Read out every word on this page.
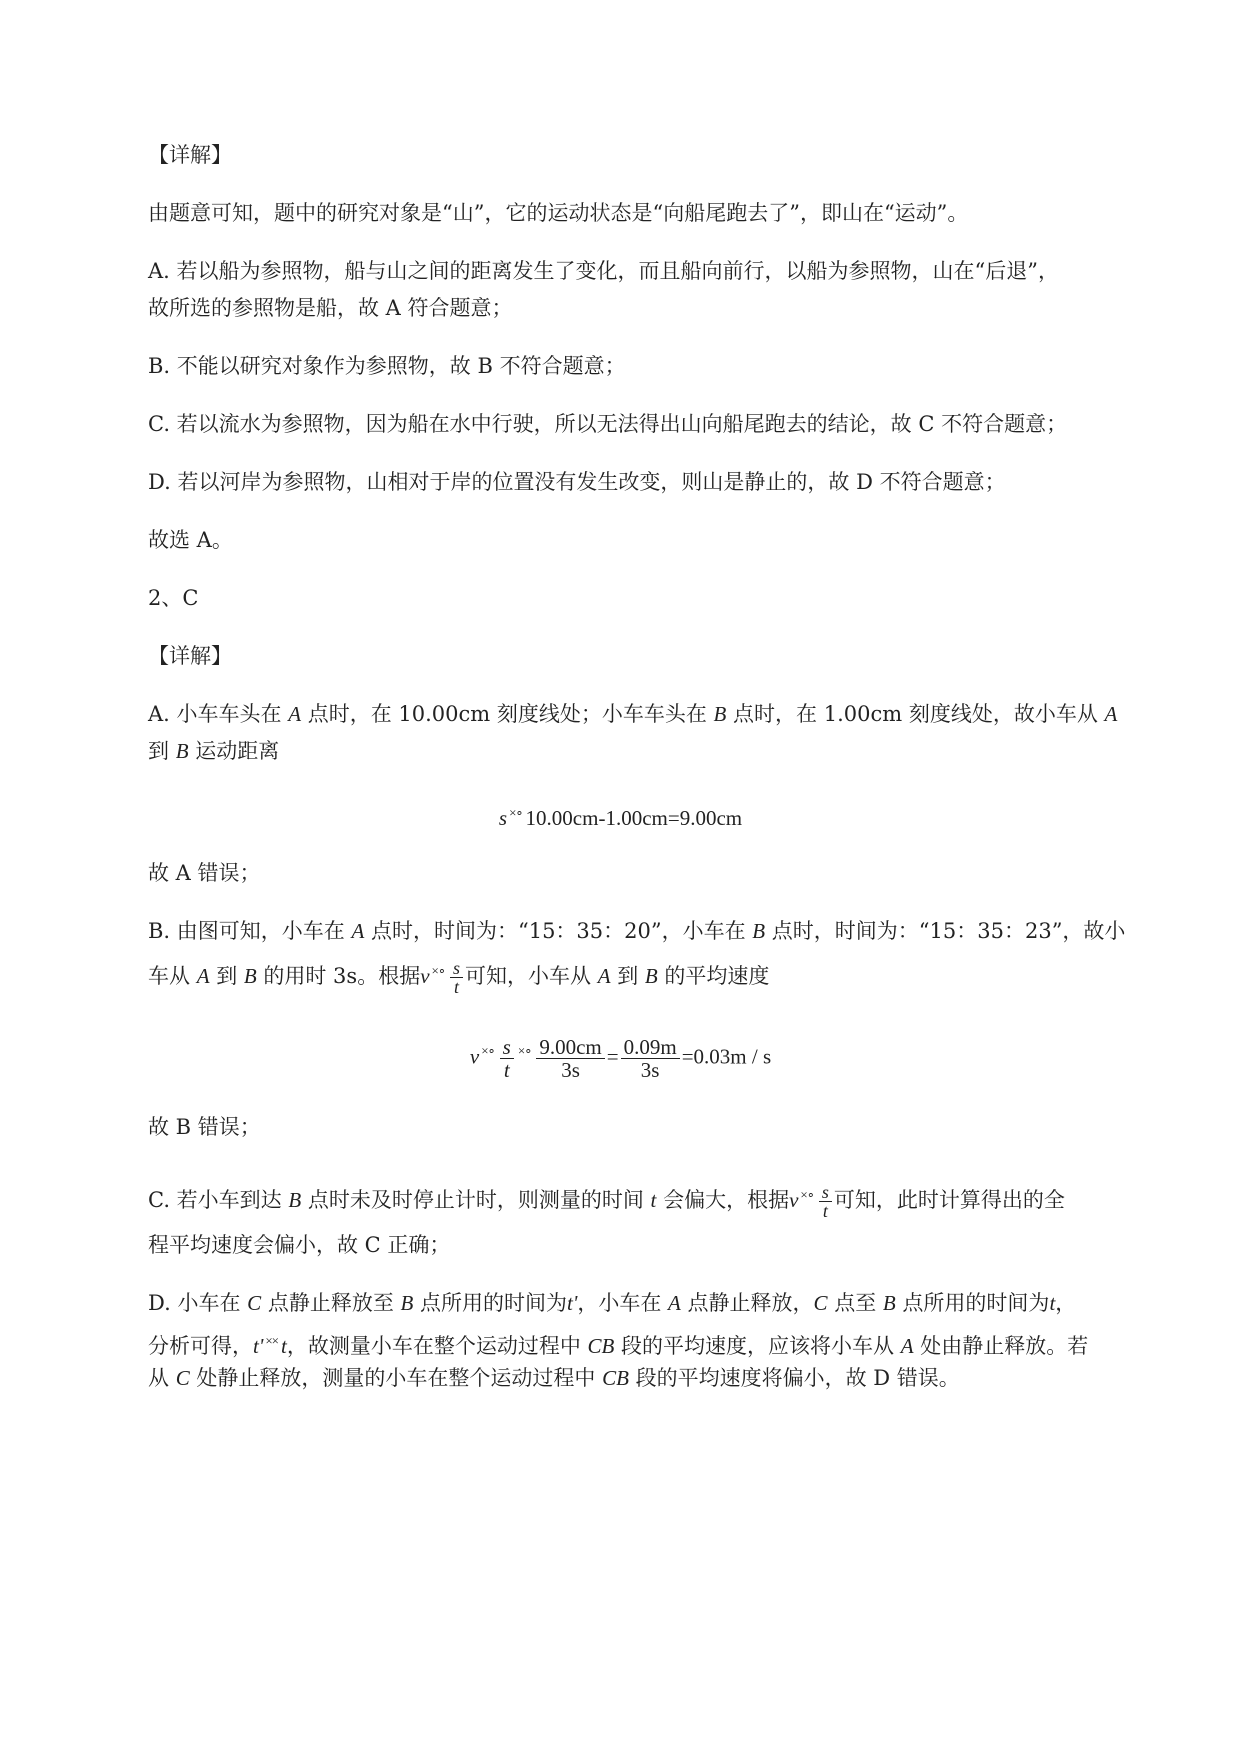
【详解】
由题意可知，题中的研究对象是“山”，它的运动状态是“向船尾跑去了”，即山在“运动”。
A. 若以船为参照物，船与山之间的距离发生了变化，而且船向前行，以船为参照物，山在“后退”，
故所选的参照物是船，故 A 符合题意；
B. 不能以研究对象作为参照物，故 B 不符合题意；
C. 若以流水为参照物，因为船在水中行驶，所以无法得出山向船尾跑去的结论，故 C 不符合题意；
D. 若以河岸为参照物，山相对于岸的位置没有发生改变，则山是静止的，故 D 不符合题意；
故选 A。
2、C
【详解】
A. 小车车头在 A 点时，在 10.00cm 刻度线处；小车车头在 B 点时，在 1.00cm 刻度线处，故小车从 A
到 B 运动距离
s ×∘ 10.00cm-1.00cm=9.00cm
故 A 错误；
B. 由图可知，小车在 A 点时，时间为：“15：35：20”，小车在 B 点时，时间为：“15：35：23”，故小
车从 A 到 B 的用时 3s。根据v ×∘ $\frac{s}{t}$ 可知，小车从 A 到 B 的平均速度
v ×∘ $\frac{s}{t}$ ×∘ $\frac{9.00cm}{3s} = \frac{0.09m}{3s} =0.03m / s$
故 B 错误；
C. 若小车到达 B 点时未及时停止计时，则测量的时间 t 会偏大，根据v ×∘ $\frac{s}{t}$ 可知，此时计算得出的全
程平均速度会偏小，故 C 正确；
D. 小车在 C 点静止释放至 B 点所用的时间为t'，小车在 A 点静止释放，C 点至 B 点所用的时间为t，
分析可得，t' ×× t，故测量小车在整个运动过程中 CB 段的平均速度，应该将小车从 A 处由静止释放。若
从 C 处静止释放，测量的小车在整个运动过程中 CB 段的平均速度将偏小，故 D 错误。
